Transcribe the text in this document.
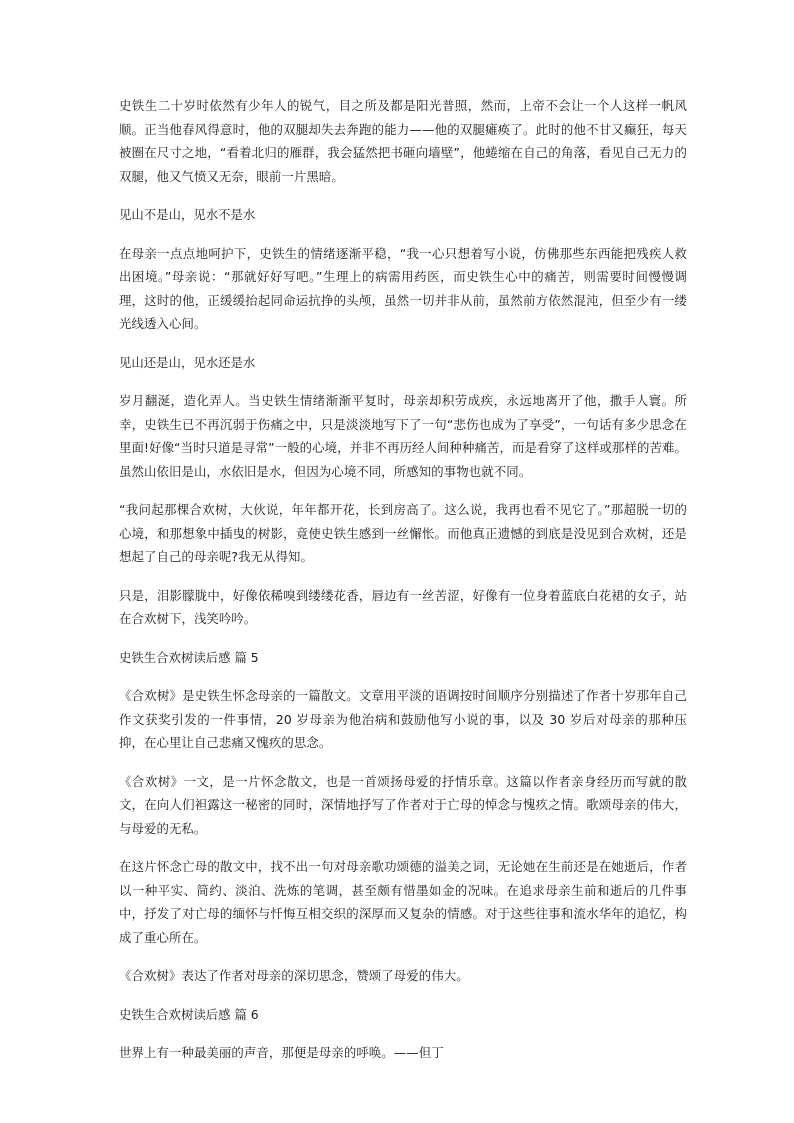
史铁生二十岁时依然有少年人的锐气，目之所及都是阳光普照，然而，上帝不会让一个人这样一帆风顺。正当他春风得意时，他的双腿却失去奔跑的能力——他的双腿瘫痪了。此时的他不甘又癫狂，每天被圈在尺寸之地，“看着北归的雁群，我会猛然把书砸向墙壁”，他蜷缩在自己的角落，看见自己无力的双腿，他又气愤又无奈，眼前一片黑暗。

见山不是山，见水不是水

在母亲一点点地呵护下，史铁生的情绪逐渐平稳，“我一心只想着写小说，仿佛那些东西能把残疾人救出困境。”母亲说：“那就好好写吧。”生理上的病需用药医，而史铁生心中的痛苦，则需要时间慢慢调理，这时的他，正缓缓抬起同命运抗挣的头颅，虽然一切并非从前，虽然前方依然混沌，但至少有一缕光线透入心间。

见山还是山，见水还是水

岁月翻涎，造化弄人。当史铁生情绪渐渐平复时，母亲却积劳成疾，永远地离开了他，撒手人寰。所幸，史铁生已不再沉弱于伤痛之中，只是淡淡地写下了一句“悲伤也成为了享受”，一句话有多少思念在里面!好像“当时只道是寻常”一般的心境，并非不再历经人间种种痛苦，而是看穿了这样或那样的苦难。虽然山依旧是山，水依旧是水，但因为心境不同，所感知的事物也就不同。

“我问起那棵合欢树，大伙说，年年都开花，长到房高了。这么说，我再也看不见它了。”那超脱一切的心境，和那想象中插曳的树影，竟使史铁生感到一丝懈怅。而他真正遗憾的到底是没见到合欢树，还是想起了自己的母亲呢?我无从得知。

只是，泪影朦胧中，好像依稀嗅到缕缕花香，唇边有一丝苦涩，好像有一位身着蓝底白花裙的女子，站在合欢树下，浅笑吟吟。

史铁生合欢树读后感 篇 5

《合欢树》是史铁生怀念母亲的一篇散文。文章用平淡的语调按时间顺序分别描述了作者十岁那年自己作文获奖引发的一件事情，20 岁母亲为他治病和鼓励他写小说的事，以及 30 岁后对母亲的那种压抑，在心里让自己悲痛又愧疚的思念。

《合欢树》一文，是一片怀念散文，也是一首颂扬母爱的抒情乐章。这篇以作者亲身经历而写就的散文，在向人们袒露这一秘密的同时，深情地抒写了作者对于亡母的悼念与愧疚之情。歌颂母亲的伟大，与母爱的无私。

在这片怀念亡母的散文中，找不出一句对母亲歌功颂德的溢美之词，无论她在生前还是在她逝后，作者以一种平实、简约、淡泊、洗炼的笔调，甚至颇有惜墨如金的况味。在追求母亲生前和逝后的几件事中，抒发了对亡母的缅怀与忏悔互相交织的深厚而又复杂的情感。对于这些往事和流水华年的追忆，构成了重心所在。

《合欢树》表达了作者对母亲的深切思念，赞颂了母爱的伟大。

史铁生合欢树读后感 篇 6

世界上有一种最美丽的声音，那便是母亲的呼唤。——但丁
